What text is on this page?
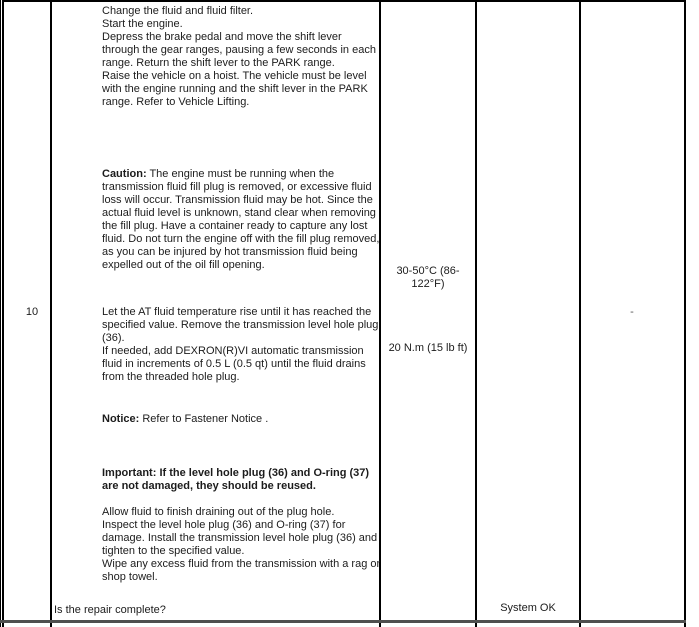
10

Change the fluid and fluid filter.

Start the engine.

Depress the brake pedal and move the shift lever through the gear ranges, pausing a few seconds in each range. Return the shift lever to the PARK range.

Raise the vehicle on a hoist. The vehicle must be level with the engine running and the shift lever in the PARK range. Refer to Vehicle Lifting.

Caution: The engine must be running when the transmission fluid fill plug is removed, or excessive fluid loss will occur. Transmission fluid may be hot. Since the actual fluid level is unknown, stand clear when removing the fill plug. Have a container ready to capture any lost fluid. Do not turn the engine off with the fill plug removed, as you can be injured by hot transmission fluid being expelled out of the oil fill opening.

Let the AT fluid temperature rise until it has reached the specified value. Remove the transmission level hole plug (36).

If needed, add DEXRON(R)VI automatic transmission fluid in increments of 0.5 L (0.5 qt) until the fluid drains from the threaded hole plug.

Notice: Refer to Fastener Notice .

Important: If the level hole plug (36) and O-ring (37) are not damaged, they should be reused.

Allow fluid to finish draining out of the plug hole.

Inspect the level hole plug (36) and O-ring (37) for damage. Install the transmission level hole plug (36) and tighten to the specified value.

Wipe any excess fluid from the transmission with a rag or shop towel.

Is the repair complete?
30-50°C (86-122°F)
20 N.m (15 lb ft)
System OK
-
